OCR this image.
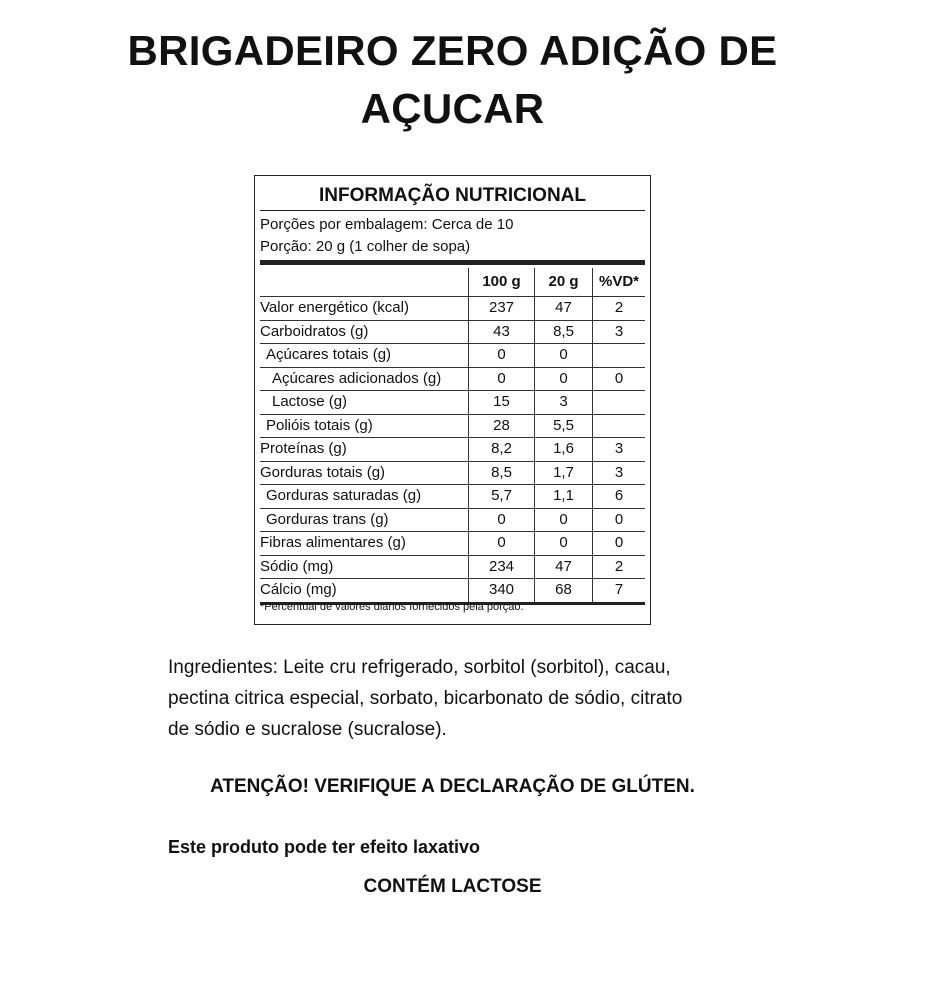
BRIGADEIRO ZERO ADIÇÃO DE
AÇUCAR
INFORMAÇÃO NUTRICIONAL
Porções por embalagem: Cerca de 10
Porção: 20 g (1 colher de sopa)
	100 g	20 g	%VD*
Valor energético (kcal)	237	47	2
Carboidratos (g)	43	8,5	3
Açúcares totais (g)	0	0	
Açúcares adicionados (g)	0	0	0
Lactose (g)	15	3	
Polióis totais (g)	28	5,5	
Proteínas (g)	8,2	1,6	3
Gorduras totais (g)	8,5	1,7	3
Gorduras saturadas (g)	5,7	1,1	6
Gorduras trans (g)	0	0	0
Fibras alimentares (g)	0	0	0
Sódio (mg)	234	47	2
Cálcio (mg)	340	68	7
*Percentual de valores diários fornecidos pela porção.
Ingredientes: Leite cru refrigerado, sorbitol (sorbitol), cacau,
pectina citrica especial, sorbato, bicarbonato de sódio, citrato
de sódio e sucralose (sucralose).
ATENÇÃO! VERIFIQUE A DECLARAÇÃO DE GLÚTEN.
Este produto pode ter efeito laxativo
CONTÉM LACTOSE
